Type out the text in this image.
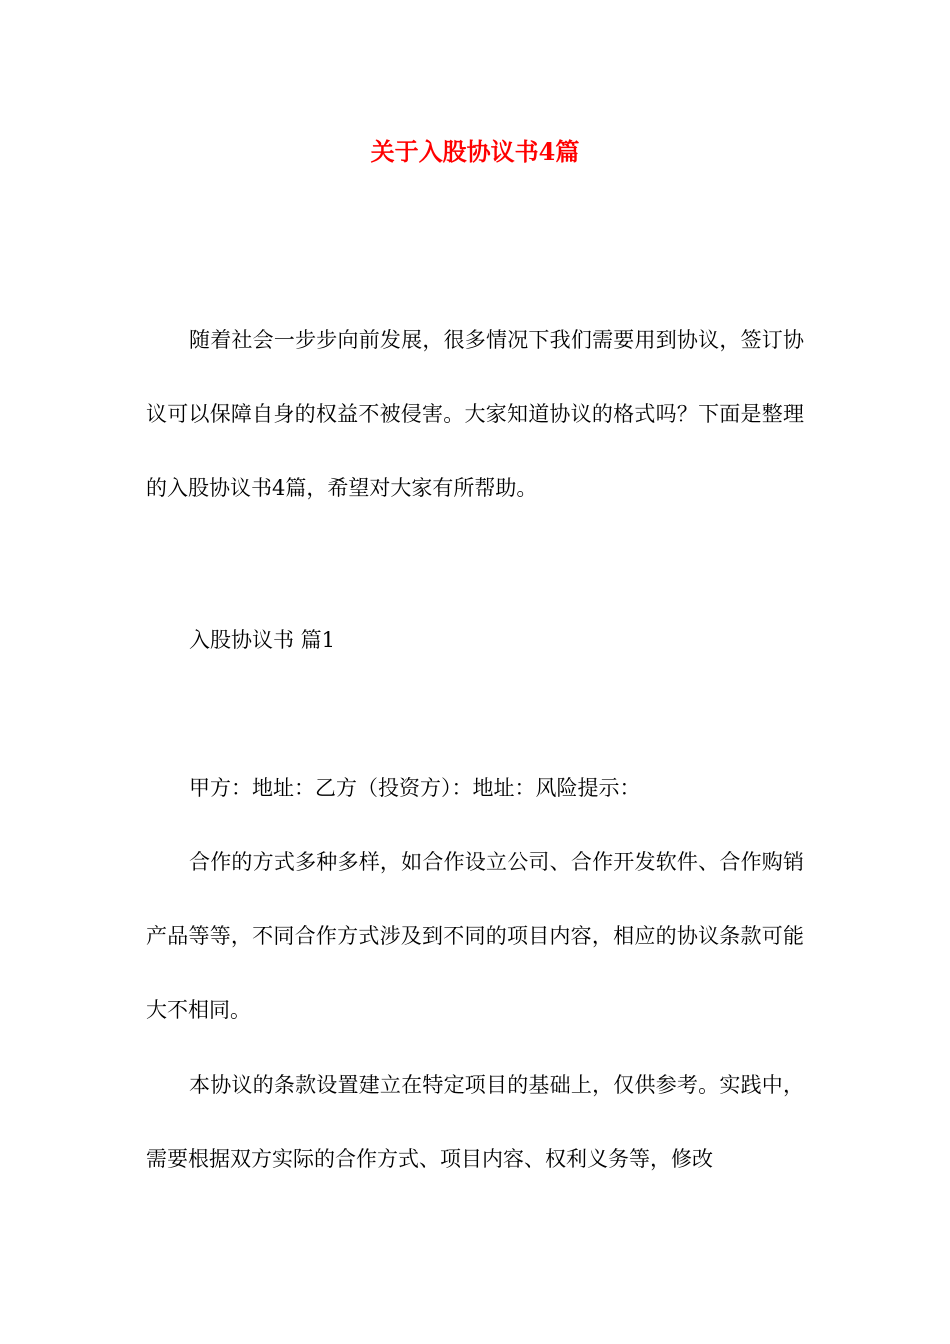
关于入股协议书4篇

随着社会一步步向前发展，很多情况下我们需要用到协议，签订协议可以保障自身的权益不被侵害。大家知道协议的格式吗？下面是整理的入股协议书4篇，希望对大家有所帮助。

入股协议书 篇1

甲方：地址：乙方（投资方）：地址：风险提示：

合作的方式多种多样，如合作设立公司、合作开发软件、合作购销产品等等，不同合作方式涉及到不同的项目内容，相应的协议条款可能大不相同。

本协议的条款设置建立在特定项目的基础上，仅供参考。实践中，需要根据双方实际的合作方式、项目内容、权利义务等，修改
